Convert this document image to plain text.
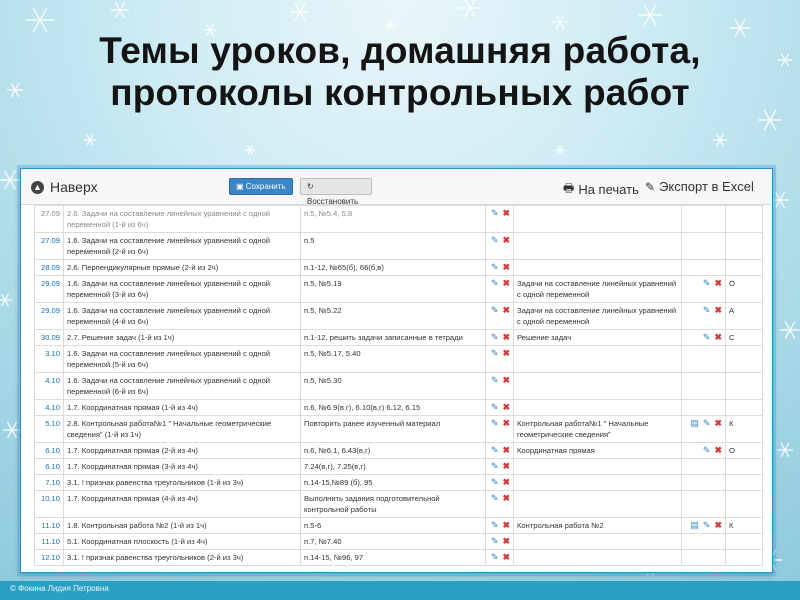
Темы уроков, домашняя работа,
протоколы контрольных работ
▲ Наверх	▣ Сохранить	↻ Восстановить
🖶 На печать ✎ Экспорт в Excel
27.09	2.6. Задачи на составление линейных уравнений с одной переменной (1-й из 6ч)	п.5, №5.4, 5.8	✎ ✖			
27.09	1.6. Задачи на составление линейных уравнений с одной переменной (2-й из 6ч)	п.5	✎ ✖			
28.09	2.6. Перпендикулярные прямые (2-й из 2ч)	п.1-12, №65(б), 66(б,в)	✎ ✖			
29.09	1.6. Задачи на составление линейных уравнений с одной переменной (3-й из 6ч)	п.5, №5.19	✎ ✖	Задачи на составление линейных уравнений с одной переменной	✎ ✖	О
29.09	1.6. Задачи на составление линейных уравнений с одной переменной (4-й из 6ч)	п.5, №5.22	✎ ✖	Задачи на составление линейных уравнений с одной переменной	✎ ✖	А
30.09	2.7. Решение задач (1-й из 1ч)	п.1-12, решить задачи записанные в тетради	✎ ✖	Решение задач	✎ ✖	С
3.10	1.6. Задачи на составление линейных уравнений с одной переменной (5-й из 6ч)	п.5, №5.17, 5.40	✎ ✖			
4.10	1.6. Задачи на составление линейных уравнений с одной переменной (6-й из 6ч)	п.5, №5.30	✎ ✖			
4.10	1.7. Координатная прямая (1-й из 4ч)	п.6, №6.9(в.г), 6.10(в,г) 6.12, 6.15	✎ ✖			
5.10	2.8. Контрольная работа№1 " Начальные геометрические сведения" (1-й из 1ч)	Повторить ранее изученный материал	✎ ✖	Контрольная работа№1 " Начальные геометрические сведения"	▤ ✎ ✖	К
6.10	1.7. Координатная прямая (2-й из 4ч)	п.6, №6.1, 6.43(в,г)	✎ ✖	Координатная прямая	✎ ✖	О
6.10	1.7. Координатная прямая (3-й из 4ч)	7.24(в,г), 7.25(в,г)	✎ ✖			
7.10	3.1. ! признак равенства треугольников (1-й из 3ч)	п.14-15,№89 (б), 95	✎ ✖			
10.10	1.7. Координатная прямая (4-й из 4ч)	Выполнить задания подготовительной контрольной работы	✎ ✖			
11.10	1.8. Контрольная работа №2 (1-й из 1ч)	п.5-6	✎ ✖	Контрольная работа №2	▤ ✎ ✖	К
11.10	5.1. Координатная плоскость (1-й из 4ч)	п.7, №7.40	✎ ✖			
12.10	3.1. ! признак равенства треугольников (2-й из 3ч)	п.14-15, №96, 97	✎ ✖			
© Фокина Лидия Петровна
